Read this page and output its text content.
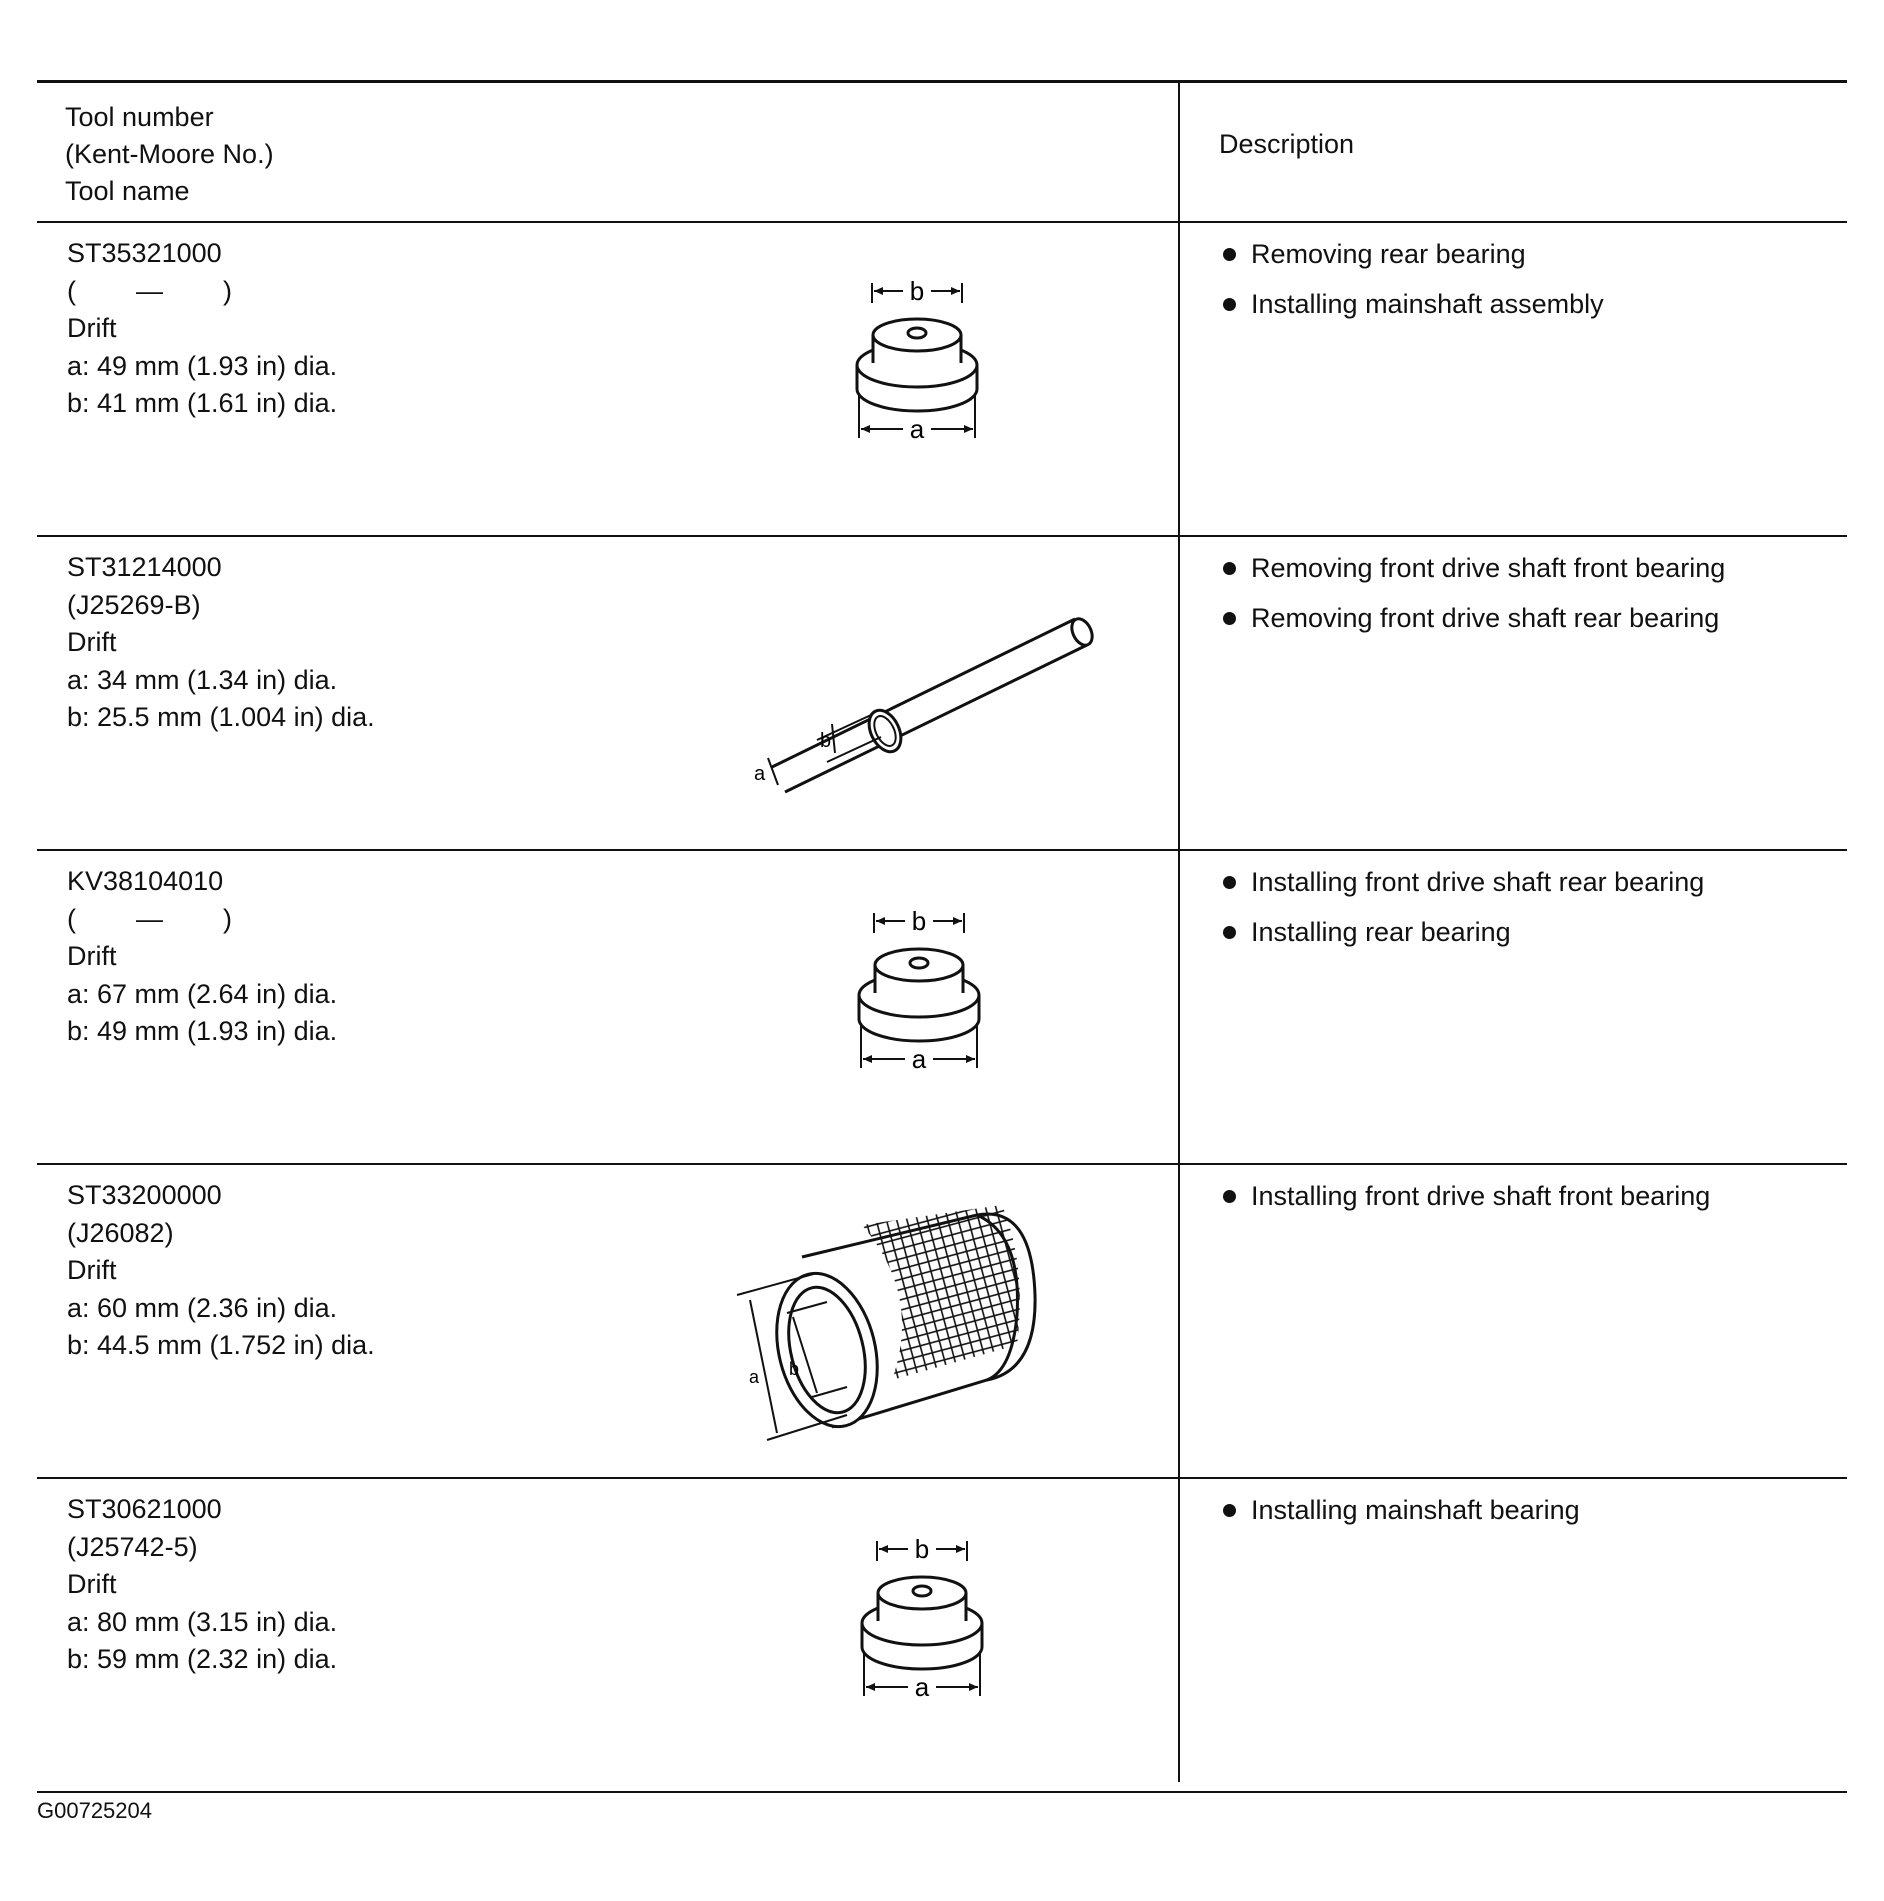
Tool number
(Kent-Moore No.)
Tool name
Description
ST35321000
(        —        )
Drift
a: 49 mm (1.93 in) dia.
b: 41 mm (1.61 in) dia.
b
a
Removing rear bearing
Installing mainshaft assembly
ST31214000
(J25269-B)
Drift
a: 34 mm (1.34 in) dia.
b: 25.5 mm (1.004 in) dia.
b
a
Removing front drive shaft front bearing
Removing front drive shaft rear bearing
KV38104010
(        —        )
Drift
a: 67 mm (2.64 in) dia.
b: 49 mm (1.93 in) dia.
b
a
Installing front drive shaft rear bearing
Installing rear bearing
ST33200000
(J26082)
Drift
a: 60 mm (2.36 in) dia.
b: 44.5 mm (1.752 in) dia.
a b
Installing front drive shaft front bearing
ST30621000
(J25742-5)
Drift
a: 80 mm (3.15 in) dia.
b: 59 mm (2.32 in) dia.
b
a
Installing mainshaft bearing
G00725204
